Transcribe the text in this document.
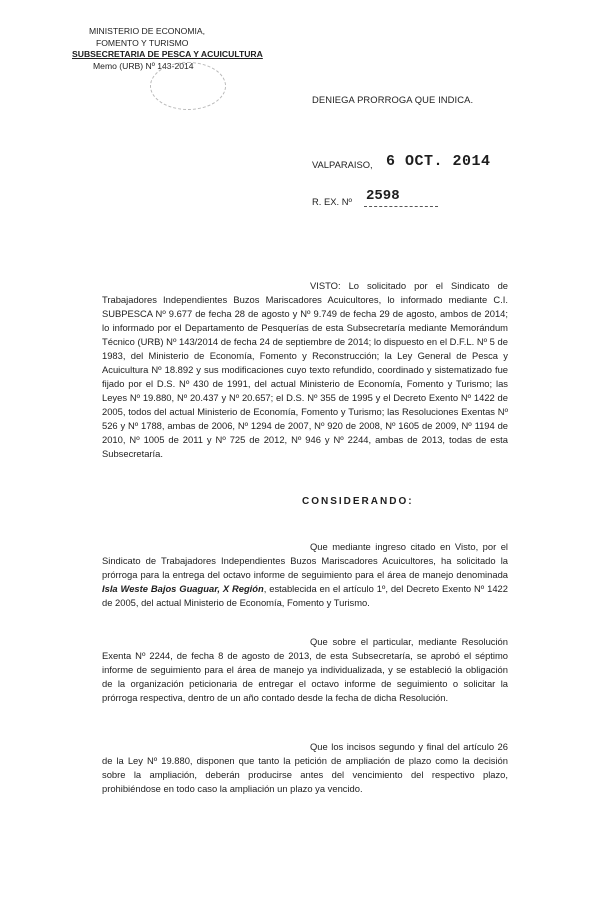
MINISTERIO DE ECONOMIA,
FOMENTO Y TURISMO
SUBSECRETARIA DE PESCA Y ACUICULTURA
Memo (URB) Nº 143-2014
DENIEGA PRORROGA QUE INDICA.
VALPARAISO, 6 OCT. 2014
R. EX. Nº 2598

VISTO: Lo solicitado por el Sindicato de Trabajadores Independientes Buzos Mariscadores Acuicultores, lo informado mediante C.I. SUBPESCA Nº 9.677 de fecha 28 de agosto y Nº 9.749 de fecha 29 de agosto, ambos de 2014; lo informado por el Departamento de Pesquerías de esta Subsecretaría mediante Memorándum Técnico (URB) Nº 143/2014 de fecha 24 de septiembre de 2014; lo dispuesto en el D.F.L. Nº 5 de 1983, del Ministerio de Economía, Fomento y Reconstrucción; la Ley General de Pesca y Acuicultura Nº 18.892 y sus modificaciones cuyo texto refundido, coordinado y sistematizado fue fijado por el D.S. Nº 430 de 1991, del actual Ministerio de Economía, Fomento y Turismo; las Leyes Nº 19.880, Nº 20.437 y Nº 20.657; el D.S. Nº 355 de 1995 y el Decreto Exento Nº 1422 de 2005, todos del actual Ministerio de Economía, Fomento y Turismo; las Resoluciones Exentas Nº 526 y Nº 1788, ambas de 2006, Nº 1294 de 2007, Nº 920 de 2008, Nº 1605 de 2009, Nº 1194 de 2010, Nº 1005 de 2011 y Nº 725 de 2012, Nº 946 y Nº 2244, ambas de 2013, todas de esta Subsecretaría.

CONSIDERANDO:

Que mediante ingreso citado en Visto, por el Sindicato de Trabajadores Independientes Buzos Mariscadores Acuicultores, ha solicitado la prórroga para la entrega del octavo informe de seguimiento para el área de manejo denominada Isla Weste Bajos Guaguar, X Región, establecida en el artículo 1º, del Decreto Exento Nº 1422 de 2005, del actual Ministerio de Economía, Fomento y Turismo.

Que sobre el particular, mediante Resolución Exenta Nº 2244, de fecha 8 de agosto de 2013, de esta Subsecretaría, se aprobó el séptimo informe de seguimiento para el área de manejo ya individualizada, y se estableció la obligación de la organización peticionaria de entregar el octavo informe de seguimiento o solicitar la prórroga respectiva, dentro de un año contado desde la fecha de dicha Resolución.

Que los incisos segundo y final del artículo 26 de la Ley Nº 19.880, disponen que tanto la petición de ampliación de plazo como la decisión sobre la ampliación, deberán producirse antes del vencimiento del respectivo plazo, prohibiéndose en todo caso la ampliación un plazo ya vencido.
